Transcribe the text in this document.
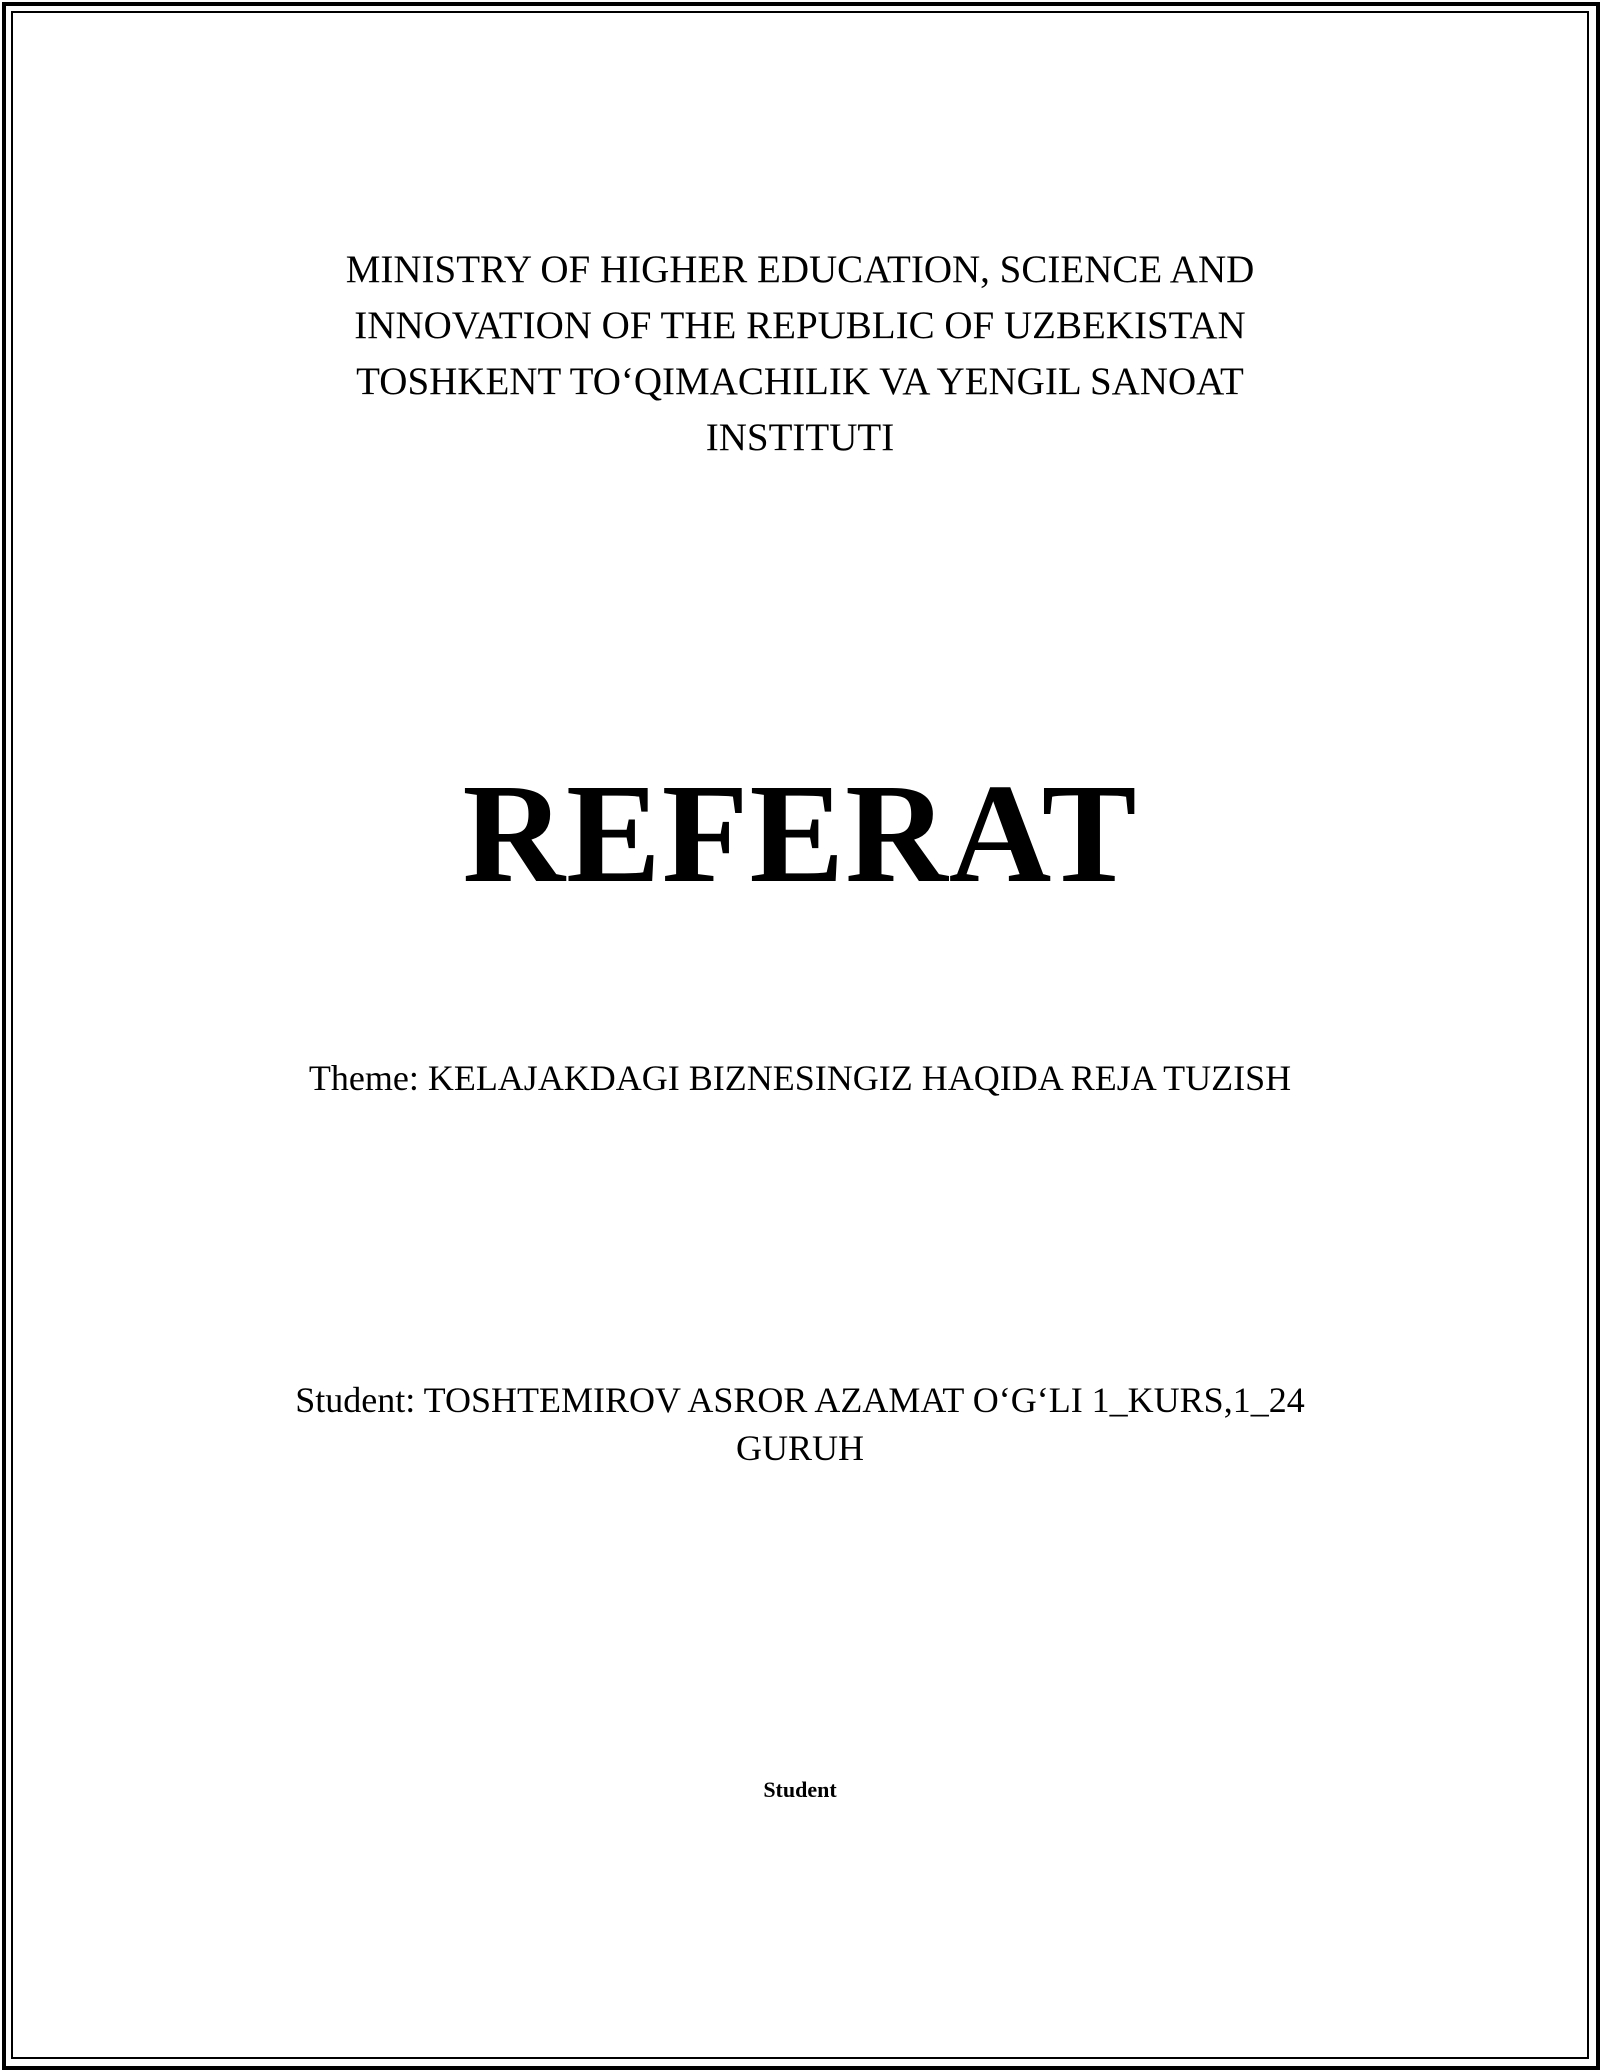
MINISTRY OF HIGHER EDUCATION, SCIENCE AND
INNOVATION OF THE REPUBLIC OF UZBEKISTAN
TOSHKENT TO‘QIMACHILIK VA YENGIL SANOAT
INSTITUTI
REFERAT
Theme: KELAJAKDAGI BIZNESINGIZ HAQIDA REJA TUZISH
Student: TOSHTEMIROV ASROR AZAMAT O‘G‘LI 1_KURS,1_24
GURUH
Student
